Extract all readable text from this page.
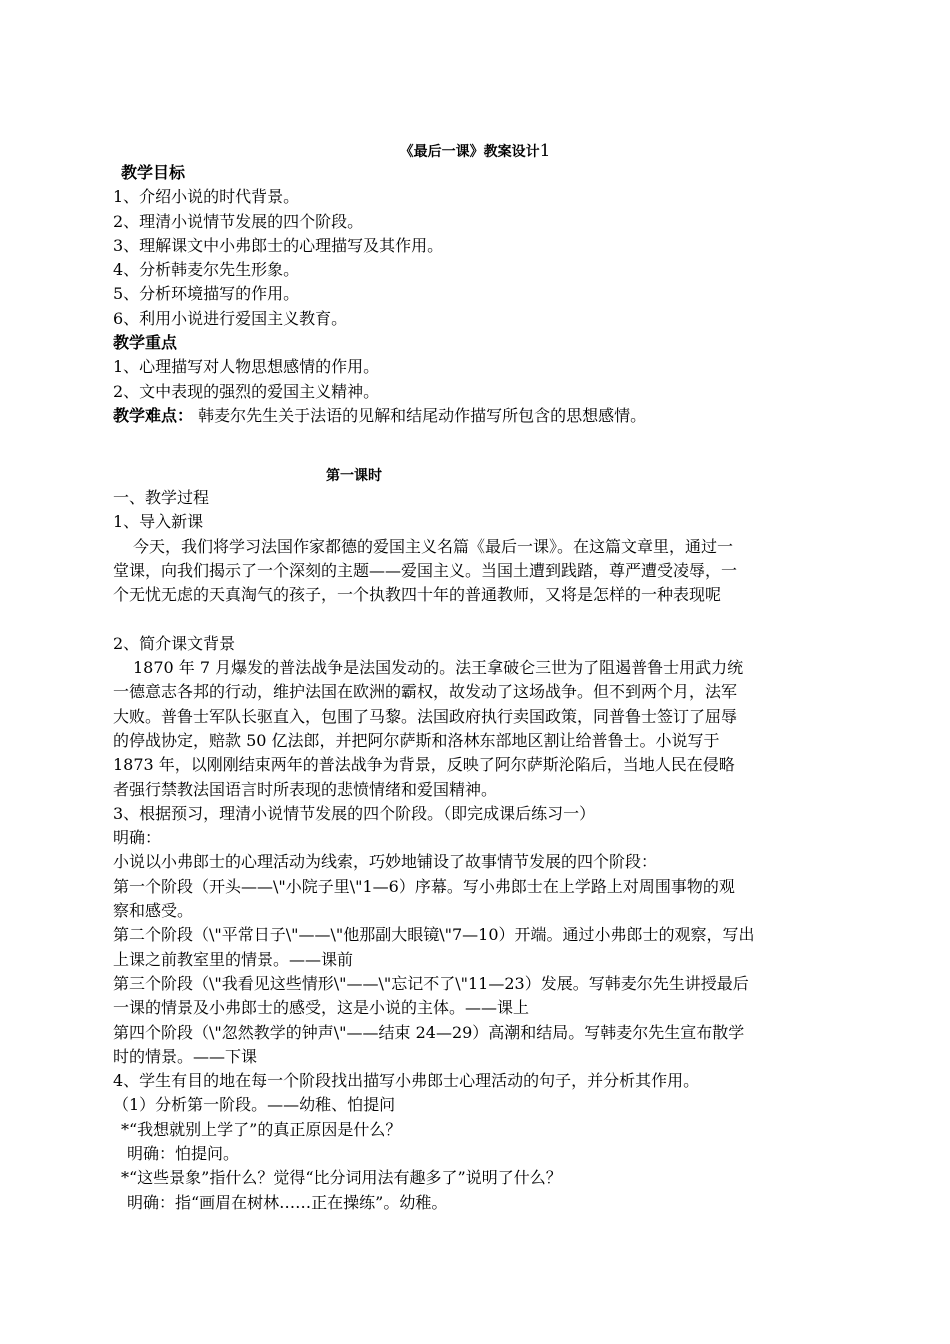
《最后一课》教案设计1
教学目标
1、介绍小说的时代背景。
2、理清小说情节发展的四个阶段。
3、理解课文中小弗郎士的心理描写及其作用。
4、分析韩麦尔先生形象。
5、分析环境描写的作用。
6、利用小说进行爱国主义教育。
教学重点
1、心理描写对人物思想感情的作用。
2、文中表现的强烈的爱国主义精神。
教学难点： 韩麦尔先生关于法语的见解和结尾动作描写所包含的思想感情。
第一课时
一、教学过程
1、导入新课
今天，我们将学习法国作家都德的爱国主义名篇《最后一课》。在这篇文章里，通过一
堂课，向我们揭示了一个深刻的主题——爱国主义。当国土遭到践踏，尊严遭受凌辱，一
个无忧无虑的天真淘气的孩子，一个执教四十年的普通教师，又将是怎样的一种表现呢
2、简介课文背景
1870 年 7 月爆发的普法战争是法国发动的。法王拿破仑三世为了阻遏普鲁士用武力统
一德意志各邦的行动，维护法国在欧洲的霸权，故发动了这场战争。但不到两个月，法军
大败。普鲁士军队长驱直入，包围了马黎。法国政府执行卖国政策，同普鲁士签订了屈辱
的停战协定，赔款 50 亿法郎，并把阿尔萨斯和洛林东部地区割让给普鲁士。小说写于
1873 年，以刚刚结束两年的普法战争为背景，反映了阿尔萨斯沦陷后，当地人民在侵略
者强行禁教法国语言时所表现的悲愤情绪和爱国精神。
3、根据预习，理清小说情节发展的四个阶段。（即完成课后练习一）
明确：
小说以小弗郎士的心理活动为线索，巧妙地铺设了故事情节发展的四个阶段：
第一个阶段（开头——\"小院子里\"1—6）序幕。写小弗郎士在上学路上对周围事物的观
察和感受。
第二个阶段（\"平常日子\"——\"他那副大眼镜\"7—10）开端。通过小弗郎士的观察，写出
上课之前教室里的情景。——课前
第三个阶段（\"我看见这些情形\"——\"忘记不了\"11—23）发展。写韩麦尔先生讲授最后
一课的情景及小弗郎士的感受，这是小说的主体。——课上
第四个阶段（\"忽然教学的钟声\"——结束 24—29）高潮和结局。写韩麦尔先生宣布散学
时的情景。——下课
4、学生有目的地在每一个阶段找出描写小弗郎士心理活动的句子，并分析其作用。
（1）分析第一阶段。——幼稚、怕提问
*“我想就别上学了”的真正原因是什么？
明确：怕提问。
*“这些景象”指什么？觉得“比分词用法有趣多了”说明了什么？
明确：指“画眉在树林……正在操练”。幼稚。
